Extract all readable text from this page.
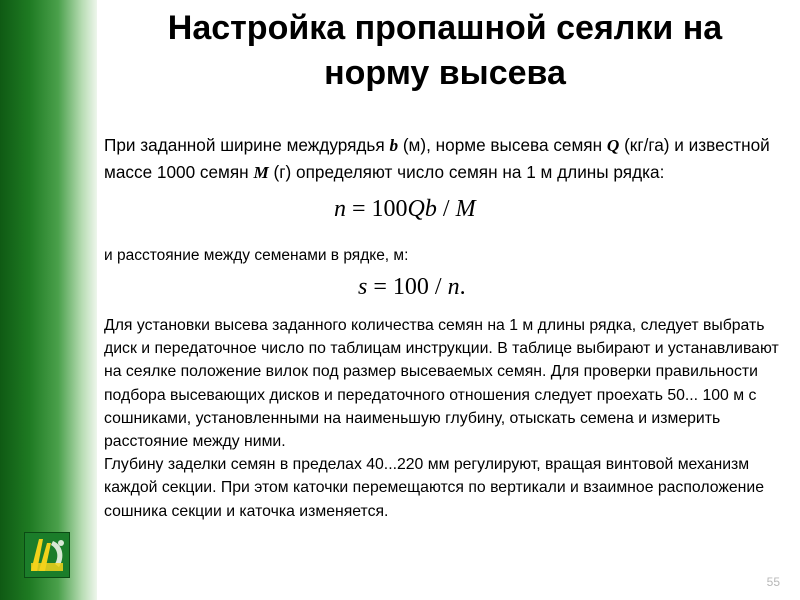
Настройка пропашной сеялки на
норму высева

При заданной ширине междурядья b (м), норме высева семян Q (кг/га) и известной массе 1000 семян M (г) определяют число семян на 1 м длины рядка:

n = 100Qb / M

и расстояние между семенами в рядке, м:

s = 100 / n.

Для установки высева заданного количества семян на 1 м длины рядка, следует выбрать диск и передаточное число по таблицам инструкции. В таблице выбирают и устанавливают на сеялке положение вилок под размер высеваемых семян. Для проверки правильности подбора высевающих дисков и передаточного отношения следует проехать 50... 100 м с сошниками, установленными на наименьшую глубину, отыскать семена и измерить расстояние между ними.
Глубину заделки семян в пределах 40...220 мм регулируют, вращая винтовой механизм каждой секции. При этом каточки перемещаются по вертикали и взаимное расположение сошника секции и каточка изменяется.

55
